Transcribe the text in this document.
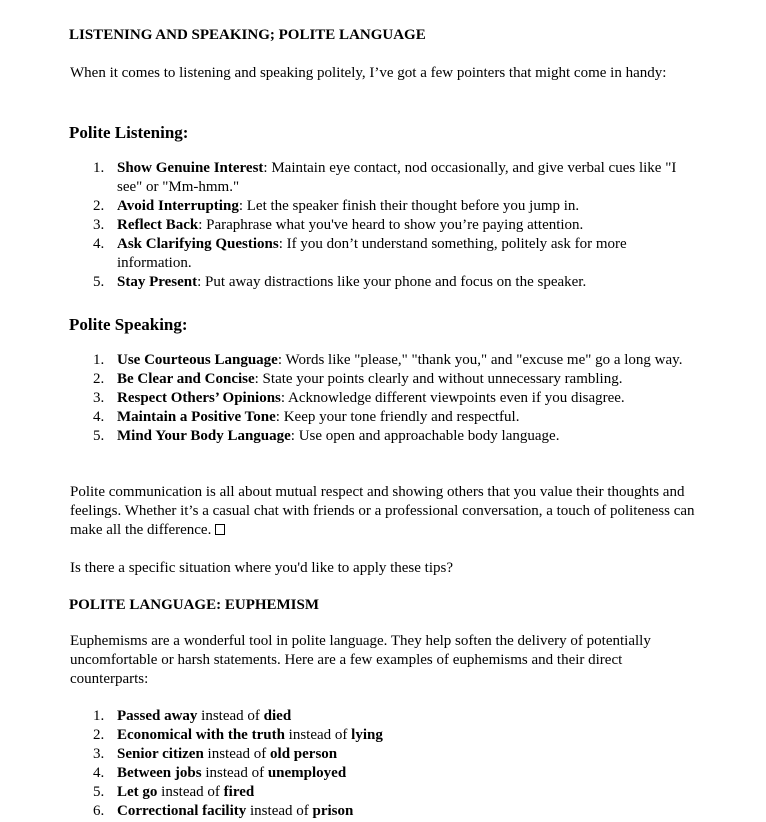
LISTENING AND SPEAKING; POLITE LANGUAGE

When it comes to listening and speaking politely, I’ve got a few pointers that might come in handy:

Polite Listening:
1. Show Genuine Interest: Maintain eye contact, nod occasionally, and give verbal cues like "I see" or "Mm-hmm."
2. Avoid Interrupting: Let the speaker finish their thought before you jump in.
3. Reflect Back: Paraphrase what you've heard to show you’re paying attention.
4. Ask Clarifying Questions: If you don’t understand something, politely ask for more information.
5. Stay Present: Put away distractions like your phone and focus on the speaker.
Polite Speaking:
1. Use Courteous Language: Words like "please," "thank you," and "excuse me" go a long way.
2. Be Clear and Concise: State your points clearly and without unnecessary rambling.
3. Respect Others’ Opinions: Acknowledge different viewpoints even if you disagree.
4. Maintain a Positive Tone: Keep your tone friendly and respectful.
5. Mind Your Body Language: Use open and approachable body language.

Polite communication is all about mutual respect and showing others that you value their thoughts and feelings. Whether it’s a casual chat with friends or a professional conversation, a touch of politeness can make all the difference.

Is there a specific situation where you'd like to apply these tips?

POLITE LANGUAGE: EUPHEMISM

Euphemisms are a wonderful tool in polite language. They help soften the delivery of potentially uncomfortable or harsh statements. Here are a few examples of euphemisms and their direct counterparts:

1. Passed away instead of died
2. Economical with the truth instead of lying
3. Senior citizen instead of old person
4. Between jobs instead of unemployed
5. Let go instead of fired
6. Correctional facility instead of prison
